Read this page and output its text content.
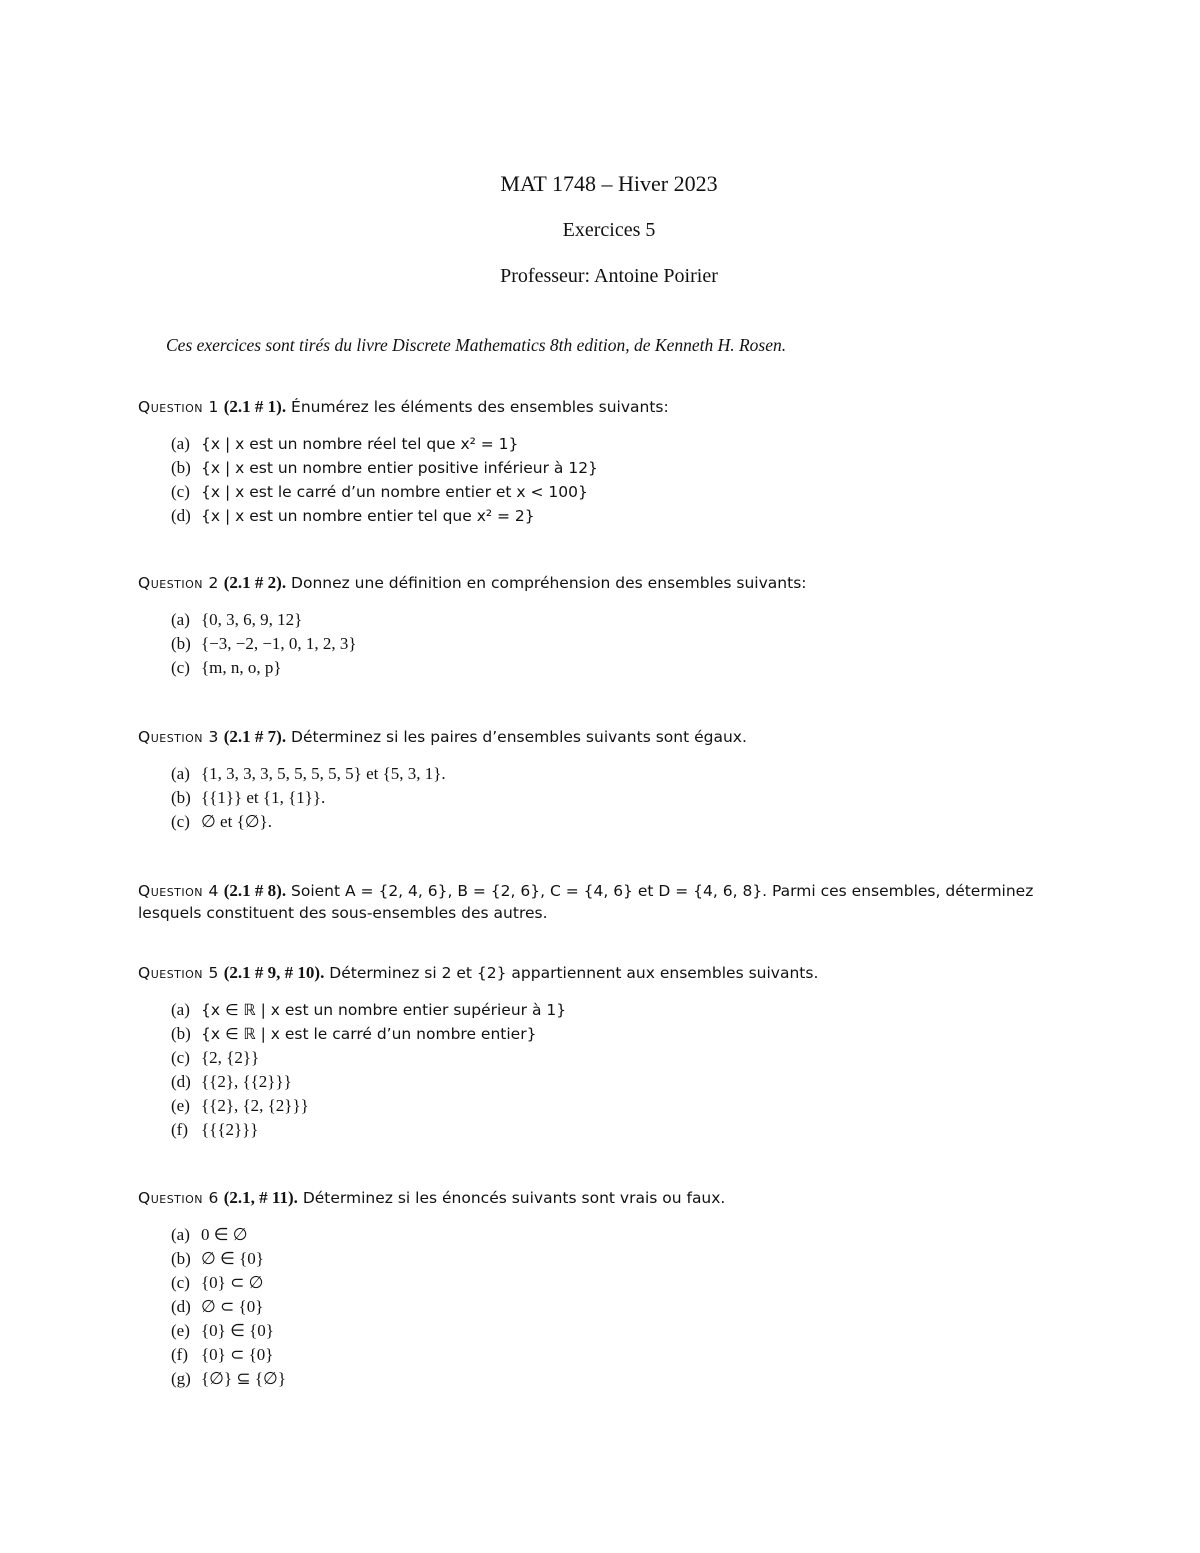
MAT 1748 – Hiver 2023
Exercices 5
Professeur: Antoine Poirier
Ces exercices sont tirés du livre Discrete Mathematics 8th edition, de Kenneth H. Rosen.
Question 1 (2.1 # 1). Énumérez les éléments des ensembles suivants:
(a) {x | x est un nombre réel tel que x² = 1}
(b) {x | x est un nombre entier positive inférieur à 12}
(c) {x | x est le carré d’un nombre entier et x < 100}
(d) {x | x est un nombre entier tel que x² = 2}
Question 2 (2.1 # 2). Donnez une définition en compréhension des ensembles suivants:
(a) {0, 3, 6, 9, 12}
(b) {−3, −2, −1, 0, 1, 2, 3}
(c) {m, n, o, p}
Question 3 (2.1 # 7). Déterminez si les paires d’ensembles suivants sont égaux.
(a) {1, 3, 3, 3, 5, 5, 5, 5, 5} et {5, 3, 1}.
(b) {{1}} et {1, {1}}.
(c) ∅ et {∅}.
Question 4 (2.1 # 8). Soient A = {2, 4, 6}, B = {2, 6}, C = {4, 6} et D = {4, 6, 8}. Parmi ces ensembles, déterminez lesquels constituent des sous-ensembles des autres.
Question 5 (2.1 # 9, # 10). Déterminez si 2 et {2} appartiennent aux ensembles suivants.
(a) {x ∈ ℝ | x est un nombre entier supérieur à 1}
(b) {x ∈ ℝ | x est le carré d’un nombre entier}
(c) {2, {2}}
(d) {{2}, {{2}}}
(e) {{2}, {2, {2}}}
(f) {{{2}}}
Question 6 (2.1, # 11). Déterminez si les énoncés suivants sont vrais ou faux.
(a) 0 ∈ ∅
(b) ∅ ∈ {0}
(c) {0} ⊂ ∅
(d) ∅ ⊂ {0}
(e) {0} ∈ {0}
(f) {0} ⊂ {0}
(g) {∅} ⊆ {∅}
